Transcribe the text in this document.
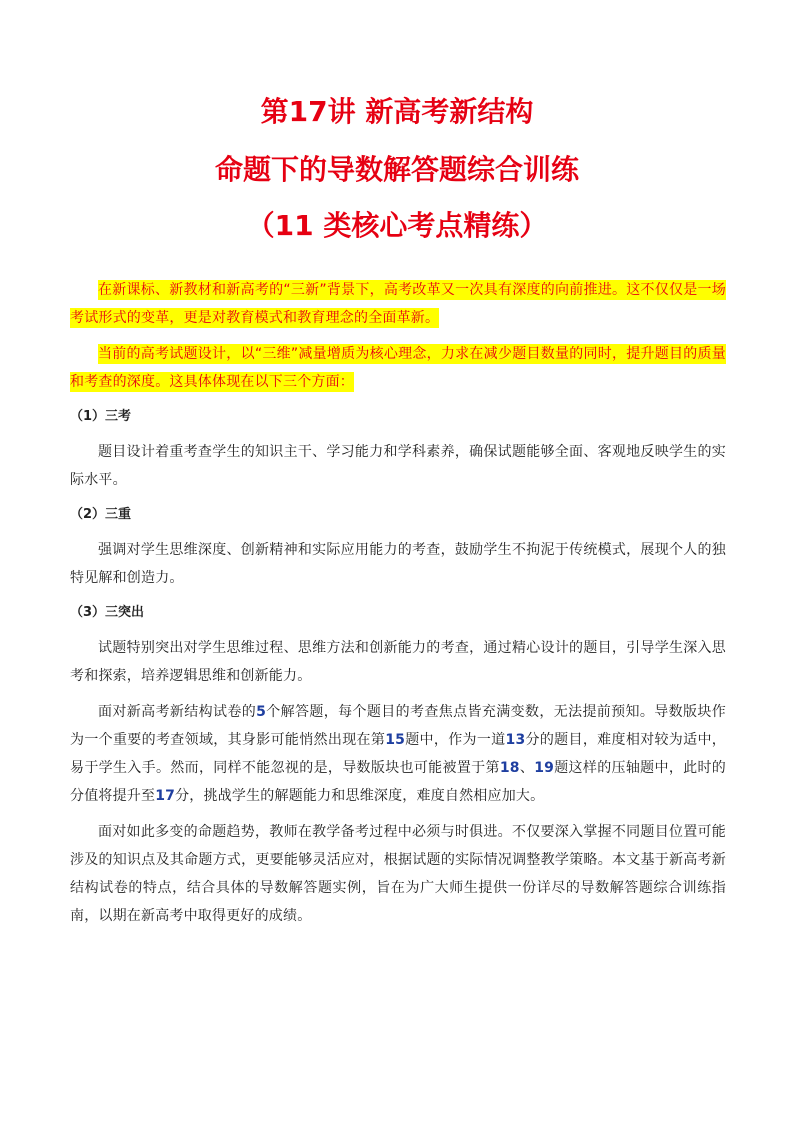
第17讲 新高考新结构
命题下的导数解答题综合训练
（11 类核心考点精练）

在新课标、新教材和新高考的“三新”背景下，高考改革又一次具有深度的向前推进。这不仅仅是一场考试形式的变革，更是对教育模式和教育理念的全面革新。

当前的高考试题设计，以“三维”减量增质为核心理念，力求在减少题目数量的同时，提升题目的质量和考查的深度。这具体体现在以下三个方面：

（1）三考

题目设计着重考查学生的知识主干、学习能力和学科素养，确保试题能够全面、客观地反映学生的实际水平。

（2）三重

强调对学生思维深度、创新精神和实际应用能力的考查，鼓励学生不拘泥于传统模式，展现个人的独特见解和创造力。

（3）三突出

试题特别突出对学生思维过程、思维方法和创新能力的考查，通过精心设计的题目，引导学生深入思考和探索，培养逻辑思维和创新能力。

面对新高考新结构试卷的5个解答题，每个题目的考查焦点皆充满变数，无法提前预知。导数版块作为一个重要的考查领域，其身影可能悄然出现在第15题中，作为一道13分的题目，难度相对较为适中，易于学生入手。然而，同样不能忽视的是，导数版块也可能被置于第18、19题这样的压轴题中，此时的分值将提升至17分，挑战学生的解题能力和思维深度，难度自然相应加大。

面对如此多变的命题趋势，教师在教学备考过程中必须与时俱进。不仅要深入掌握不同题目位置可能涉及的知识点及其命题方式，更要能够灵活应对，根据试题的实际情况调整教学策略。本文基于新高考新结构试卷的特点，结合具体的导数解答题实例，旨在为广大师生提供一份详尽的导数解答题综合训练指南，以期在新高考中取得更好的成绩。
